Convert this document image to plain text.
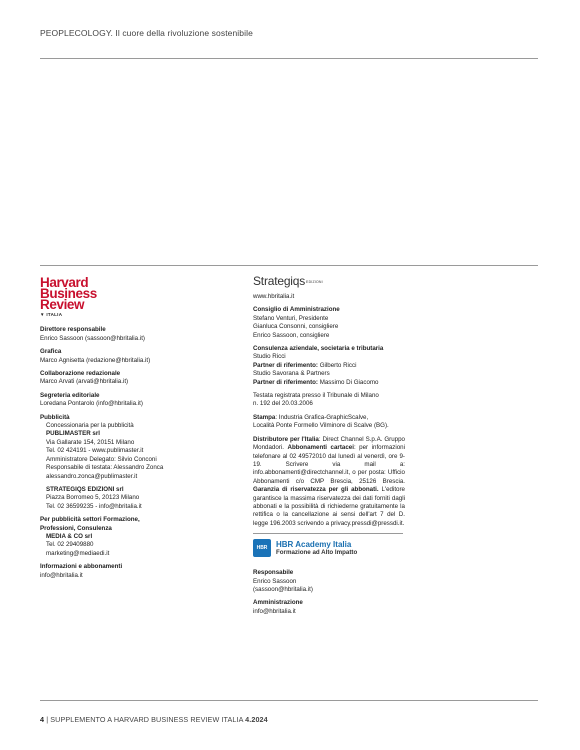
PEOPLECOLOGY. Il cuore della rivoluzione sostenibile
Harvard
Business
Review
▼ ITALIA
Direttore responsabile
Enrico Sassoon (sassoon@hbritalia.it)
Grafica
Marco Agnisetta (redazione@hbritalia.it)
Collaborazione redazionale
Marco Arvati (arvati@hbritalia.it)
Segreteria editoriale
Loredana Pontarolo (info@hbritalia.it)
Pubblicità
Concessionaria per la pubblicità
PUBLIMASTER srl
Via Gallarate 154, 20151 Milano
Tel. 02 424191 - www.publimaster.it
Amministratore Delegato: Silvio Conconi
Responsabile di testata: Alessandro Zonca
alessandro.zonca@publimaster.it
STRATEGIQS EDIZIONI srl
Piazza Borromeo 5, 20123 Milano
Tel. 02 36599235 - info@hbritalia.it
Per pubblicità settori Formazione,
Professioni, Consulenza
MEDIA & CO srl
Tel. 02 29409880
marketing@mediaedi.it
Informazioni e abbonamenti
info@hbritalia.it
Strategiqs EDIZIONI
www.hbritalia.it
Consiglio di Amministrazione
Stefano Venturi, Presidente
Gianluca Consonni, consigliere
Enrico Sassoon, consigliere
Consulenza aziendale, societaria e tributaria
Studio Ricci
Partner di riferimento: Gilberto Ricci
Studio Savorana & Partners
Partner di riferimento: Massimo Di Giacomo
Testata registrata presso il Tribunale di Milano
n. 192 del 20.03.2006
Stampa: Industria Grafica-GraphicScalve,
Località Ponte Formello Vilminore di Scalve (BG).
Distributore per l'Italia: Direct Channel S.p.A. Gruppo Mondadori. Abbonamenti cartacei: per informazioni telefonare al 02 49572010 dal lunedì al venerdì, ore 9-19. Scrivere via mail a: info.abbonamenti@directchannel.it, o per posta: Ufficio Abbonamenti c/o CMP Brescia, 25126 Brescia. Garanzia di riservatezza per gli abbonati. L'editore garantisce la massima riservatezza dei dati forniti dagli abbonati e la possibilità di richiederne gratuitamente la rettifica o la cancellazione ai sensi dell'art 7 del D. legge 196.2003 scrivendo a privacy.pressdi@pressdi.it.
HBR	HBR Academy Italia
Formazione ad Alto Impatto
Responsabile
Enrico Sassoon
(sassoon@hbritalia.it)
Amministrazione
info@hbritalia.it
4 | SUPPLEMENTO A HARVARD BUSINESS REVIEW ITALIA 4.2024
